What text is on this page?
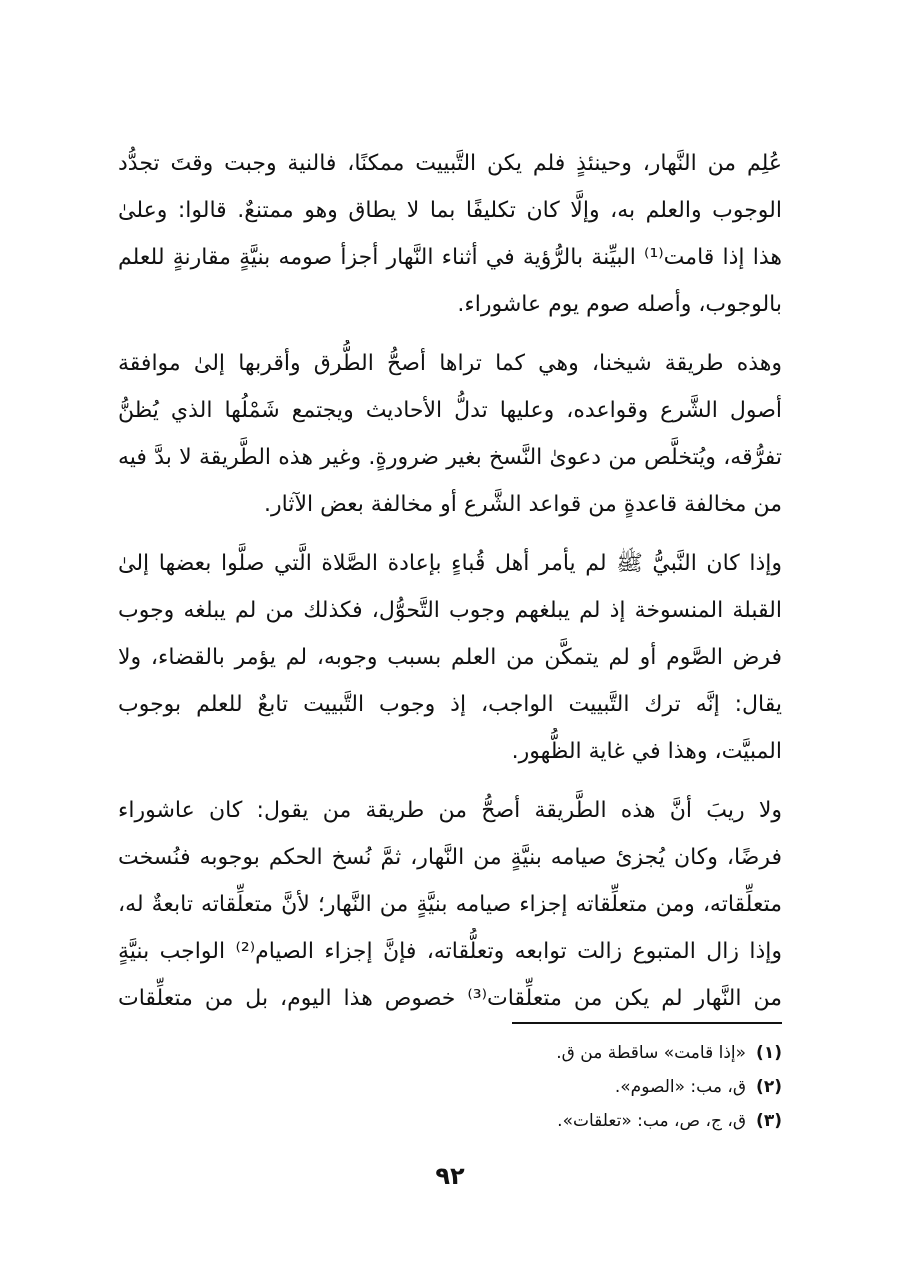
عُلِم من النَّهار، وحينئذٍ فلم يكن التَّبييت ممكنًا، فالنية وجبت وقتَ تجدُّد
الوجوب والعلم به، وإلَّا كان تكليفًا بما لا يطاق وهو ممتنعٌ. قالوا: وعلىٰ
هذا إذا قامت⁽¹⁾ البيِّنة بالرُّؤية في أثناء النَّهار أجزأ صومه بنيَّةٍ مقارنةٍ للعلم
بالوجوب، وأصله صوم يوم عاشوراء.

وهذه طريقة شيخنا، وهي كما تراها أصحُّ الطُّرق وأقربها إلىٰ موافقة
أصول الشَّرع وقواعده، وعليها تدلُّ الأحاديث ويجتمع شَمْلُها الذي يُظنُّ
تفرُّقه، ويُتخلَّص من دعوىٰ النَّسخ بغير ضرورةٍ. وغير هذه الطَّريقة لا بدَّ فيه
من مخالفة قاعدةٍ من قواعد الشَّرع أو مخالفة بعض الآثار.

وإذا كان النَّبيُّ ﷺ لم يأمر أهل قُباءٍ بإعادة الصَّلاة الَّتي صلَّوا بعضها إلىٰ
القبلة المنسوخة إذ لم يبلغهم وجوب التَّحوُّل، فكذلك من لم يبلغه وجوب
فرض الصَّوم أو لم يتمكَّن من العلم بسبب وجوبه، لم يؤمر بالقضاء، ولا
يقال: إنَّه ترك التَّبييت الواجب، إذ وجوب التَّبييت تابعٌ للعلم بوجوب
المبيَّت، وهذا في غاية الظُّهور.

ولا ريبَ أنَّ هذه الطَّريقة أصحُّ من طريقة من يقول: كان عاشوراء
فرضًا، وكان يُجزئ صيامه بنيَّةٍ من النَّهار، ثمَّ نُسخ الحكم بوجوبه فنُسخت
متعلِّقاته، ومن متعلِّقاته إجزاء صيامه بنيَّةٍ من النَّهار؛ لأنَّ متعلِّقاته تابعةٌ له،
وإذا زال المتبوع زالت توابعه وتعلُّقاته، فإنَّ إجزاء الصيام⁽²⁾ الواجب بنيَّةٍ
من النَّهار لم يكن من متعلِّقات⁽³⁾ خصوص هذا اليوم، بل من متعلِّقات

(١)
«إذا قامت» ساقطة من ق.
(٢)
ق، مب: «الصوم».
(٣)
ق، ج، ص، مب: «تعلقات».
٩٢
